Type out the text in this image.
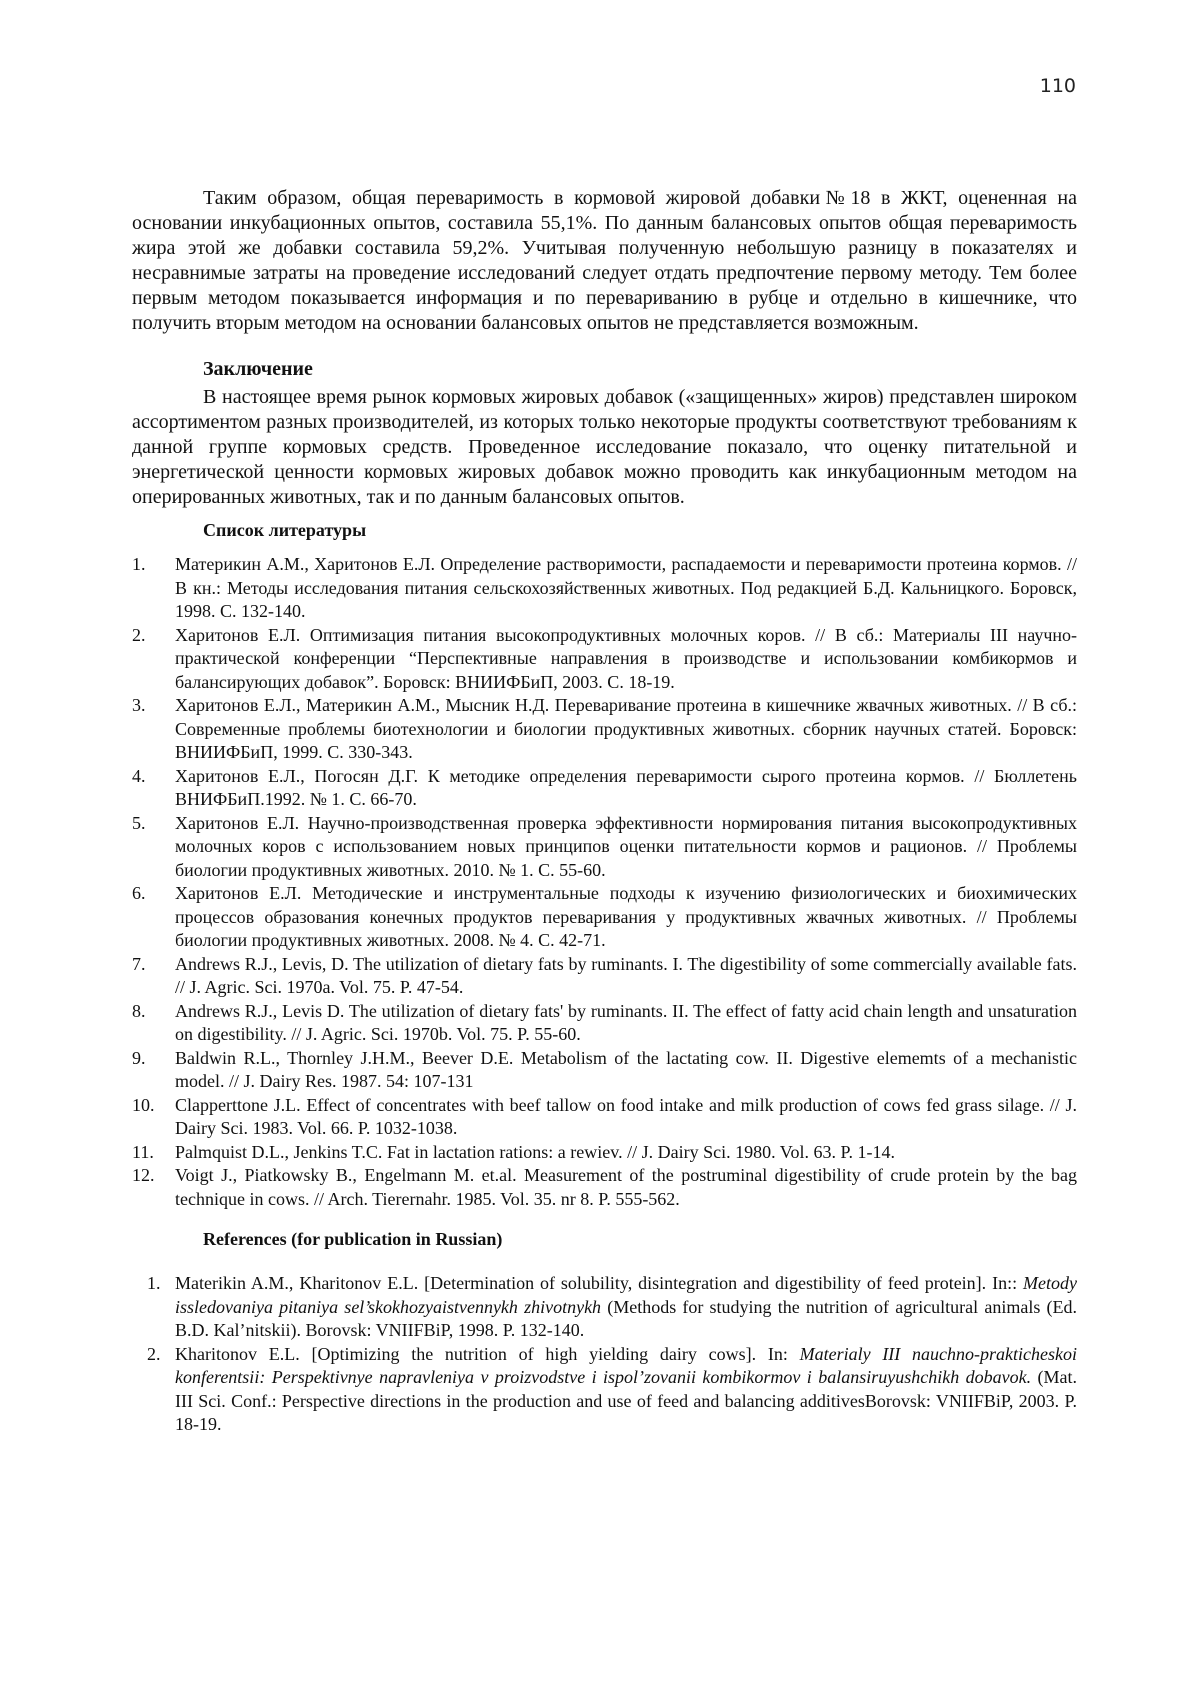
110

Таким образом, общая переваримость в кормовой жировой добавки№18 в ЖКТ, оцененная на основании инкубационных опытов, составила 55,1%. По данным балансовых опытов общая переваримость жира этой же добавки составила 59,2%. Учитывая полученную небольшую разницу в показателях и несравнимые затраты на проведение исследований следует отдать предпочтение первому методу. Тем более первым методом показывается информация и по перевариванию в рубце и отдельно в кишечнике, что получить вторым методом на основании балансовых опытов не представляется возможным.

Заключение

В настоящее время рынок кормовых жировых добавок («защищенных» жиров) представлен широком ассортиментом разных производителей, из которых только некоторые продукты соответствуют требованиям к данной группе кормовых средств. Проведенное исследование показало, что оценку питательной и энергетической ценности кормовых жировых добавок можно проводить как инкубационным методом на оперированных животных, так и по данным балансовых опытов.

Список литературы

1. Материкин А.М., Харитонов Е.Л. Определение растворимости, распадаемости и переваримости протеина кормов. // В кн.: Методы исследования питания сельскохозяйственных животных. Под редакцией Б.Д. Кальницкого. Боровск, 1998. С. 132-140.
2. Харитонов Е.Л. Оптимизация питания высокопродуктивных молочных коров. // В сб.: Материалы III научно-практической конференции “Перспективные направления в производстве и использовании комбикормов и балансирующих добавок”. Боровск: ВНИИФБиП, 2003. С. 18-19.
3. Харитонов Е.Л., Материкин А.М., Мысник Н.Д. Переваривание протеина в кишечнике жвачных животных. // В сб.: Современные проблемы биотехнологии и биологии продуктивных животных. сборник научных статей. Боровск: ВНИИФБиП, 1999. С. 330-343.
4. Харитонов Е.Л., Погосян Д.Г. К методике определения переваримости сырого протеина кормов. // Бюллетень ВНИФБиП.1992. № 1. С. 66-70.
5. Харитонов Е.Л. Научно-производственная проверка эффективности нормирования питания высокопродуктивных молочных коров с использованием новых принципов оценки питательности кормов и рационов. // Проблемы биологии продуктивных животных. 2010. № 1. С. 55-60.
6. Харитонов Е.Л. Методические и инструментальные подходы к изучению физиологических и биохимических процессов образования конечных продуктов переваривания у продуктивных жвачных животных. // Проблемы биологии продуктивных животных. 2008. № 4. С. 42-71.
7. Andrews R.J., Levis, D. The utilization of dietary fats by ruminants. I. The digestibility of some commercially available fats. // J. Agric. Sci. 1970a. Vol. 75. P. 47-54.
8. Andrews R.J., Levis D. The utilization of dietary fats' by ruminants. II. The effect of fatty acid chain length and unsaturation on digestibility. // J. Agric. Sci. 1970b. Vol. 75. P. 55-60.
9. Baldwin R.L., Thornley J.H.M., Beever D.E. Metabolism of the lactating cow. II. Digestive elememts of a mechanistic model. // J. Dairy Res. 1987. 54: 107-131
10. Clapperttone J.L. Effect of concentrates with beef tallow on food intake and milk production of cows fed grass silage. // J. Dairy Sci. 1983. Vol. 66. P. 1032-1038.
11. Palmquist D.L., Jenkins T.C. Fat in lactation rations: a rewiev. // J. Dairy Sci. 1980. Vol. 63. P. 1-14.
12. Voigt J., Piatkowsky B., Engelmann M. et.al. Measurement of the postruminal digestibility of crude protein by the bag technique in cows. // Arch. Tierernahr. 1985. Vol. 35. nr 8. P. 555-562.

References (for publication in Russian)

1. Materikin A.M., Kharitonov E.L. [Determination of solubility, disintegration and digestibility of feed protein]. In:: Metody issledovaniya pitaniya sel’skokhozyaistvennykh zhivotnykh (Methods for studying the nutrition of agricultural animals (Ed. B.D. Kal’nitskii). Borovsk: VNIIFBiP, 1998. P. 132-140.
2. Kharitonov E.L. [Optimizing the nutrition of high yielding dairy cows]. In: Materialy III nauchno-prakticheskoi konferentsii: Perspektivnye napravleniya v proizvodstve i ispol’zovanii kombikormov i balansiruyushchikh dobavok. (Mat. III Sci. Conf.: Perspective directions in the production and use of feed and balancing additivesBorovsk: VNIIFBiP, 2003. P. 18-19.
